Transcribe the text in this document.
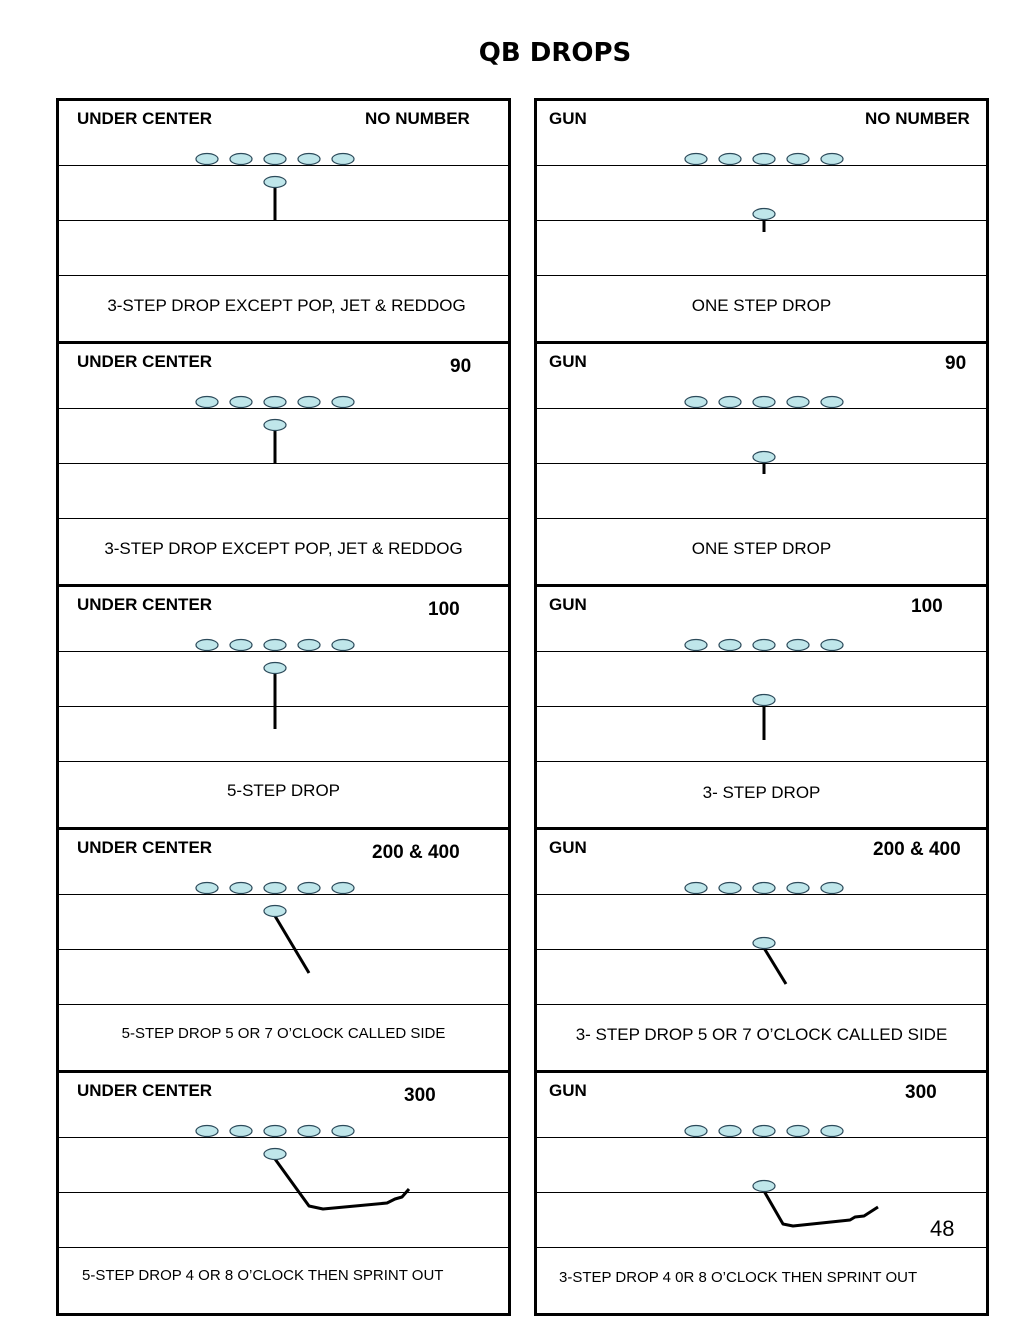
QB DROPS
UNDER CENTER	NO NUMBER
3-STEP DROP EXCEPT POP, JET & REDDOG
UNDER CENTER	90
3-STEP DROP EXCEPT POP, JET & REDDOG
UNDER CENTER	100
5-STEP DROP
UNDER CENTER	200 & 400
5-STEP DROP 5 OR 7 O’CLOCK CALLED SIDE
UNDER CENTER	300
5-STEP DROP 4 OR 8 O’CLOCK THEN SPRINT OUT
GUN	NO NUMBER
ONE STEP DROP
GUN	90
ONE STEP DROP
GUN	100
3- STEP DROP
GUN	200 & 400
3- STEP DROP 5 OR 7 O’CLOCK CALLED SIDE
GUN	300
3-STEP DROP 4 0R 8 O’CLOCK THEN SPRINT OUT
48
